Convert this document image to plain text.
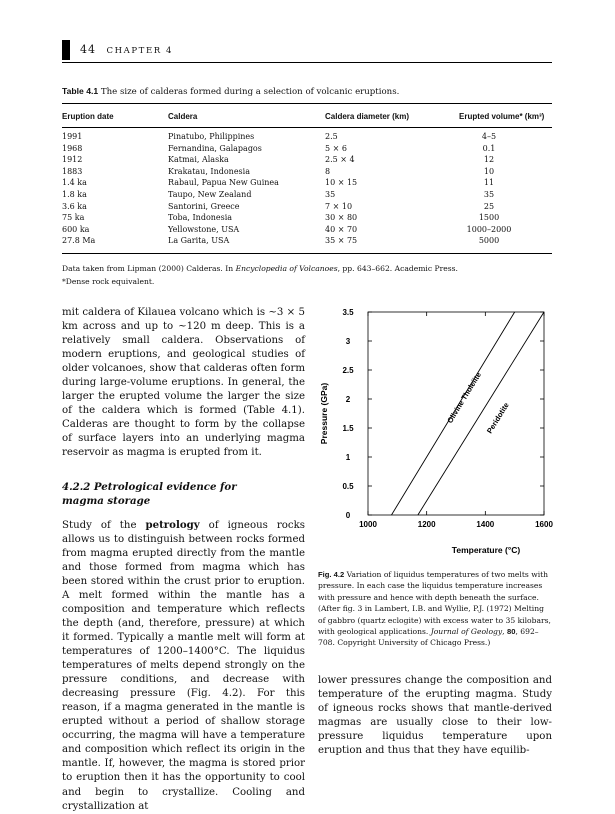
44 CHAPTER 4
Table 4.1 The size of calderas formed during a selection of volcanic eruptions.
Eruption date	Caldera	Caldera diameter (km)	Erupted volume* (km³)
1991	Pinatubo, Philippines	2.5	4–5
1968	Fernandina, Galapagos	5 × 6	0.1
1912	Katmai, Alaska	2.5 × 4	12
1883	Krakatau, Indonesia	8	10
1.4 ka	Rabaul, Papua New Guinea	10 × 15	11
1.8 ka	Taupo, New Zealand	35	35
3.6 ka	Santorini, Greece	7 × 10	25
75 ka	Toba, Indonesia	30 × 80	1500
600 ka	Yellowstone, USA	40 × 70	1000–2000
27.8 Ma	La Garita, USA	35 × 75	5000
Data taken from Lipman (2000) Calderas. In Encyclopedia of Volcanoes, pp. 643–662. Academic Press.
*Dense rock equivalent.

mit caldera of Kilauea volcano which is ~3 × 5 km across and up to ~120 m deep. This is a relatively small caldera. Observations of modern eruptions, and geological studies of older volcanoes, show that calderas often form during large-volume eruptions. In general, the larger the erupted volume the larger the size of the caldera which is formed (Table 4.1). Calderas are thought to form by the collapse of surface layers into an underlying magma reservoir as magma is erupted from it.

4.2.2 Petrological evidence for
magma storage

Study of the petrology of igneous rocks allows us to distinguish between rocks formed from magma erupted directly from the mantle and those formed from magma which has been stored within the crust prior to eruption. A melt formed within the mantle has a composition and temperature which reflects the depth (and, therefore, pressure) at which it formed. Typically a mantle melt will form at temperatures of 1200–1400°C. The liquidus temperatures of melts depend strongly on the pressure conditions, and decrease with decreasing pressure (Fig. 4.2). For this reason, if a magma generated in the mantle is erupted without a period of shallow storage occurring, the magma will have a temperature and composition which reflect its origin in the mantle. If, however, the magma is stored prior to eruption then it has the opportunity to cool and begin to crystallize. Cooling and crystallization at

1000	1200	1400	1600
0
0.5
1
1.5
2
2.5
3
3.5
Temperature (°C)
Pressure (GPa)	Olivine Tholeiite Peridotite
Fig. 4.2 Variation of liquidus temperatures of two melts with pressure. In each case the liquidus temperature increases with pressure and hence with depth beneath the surface. (After fig. 3 in Lambert, I.B. and Wyllie, P.J. (1972) Melting of gabbro (quartz eclogite) with excess water to 35 kilobars, with geological applications. Journal of Geology, 80, 692–708. Copyright University of Chicago Press.)

lower pressures change the composition and temperature of the erupting magma. Study of igneous rocks shows that mantle-derived magmas are usually close to their low-pressure liquidus temperature upon eruption and thus that they have equilib-
